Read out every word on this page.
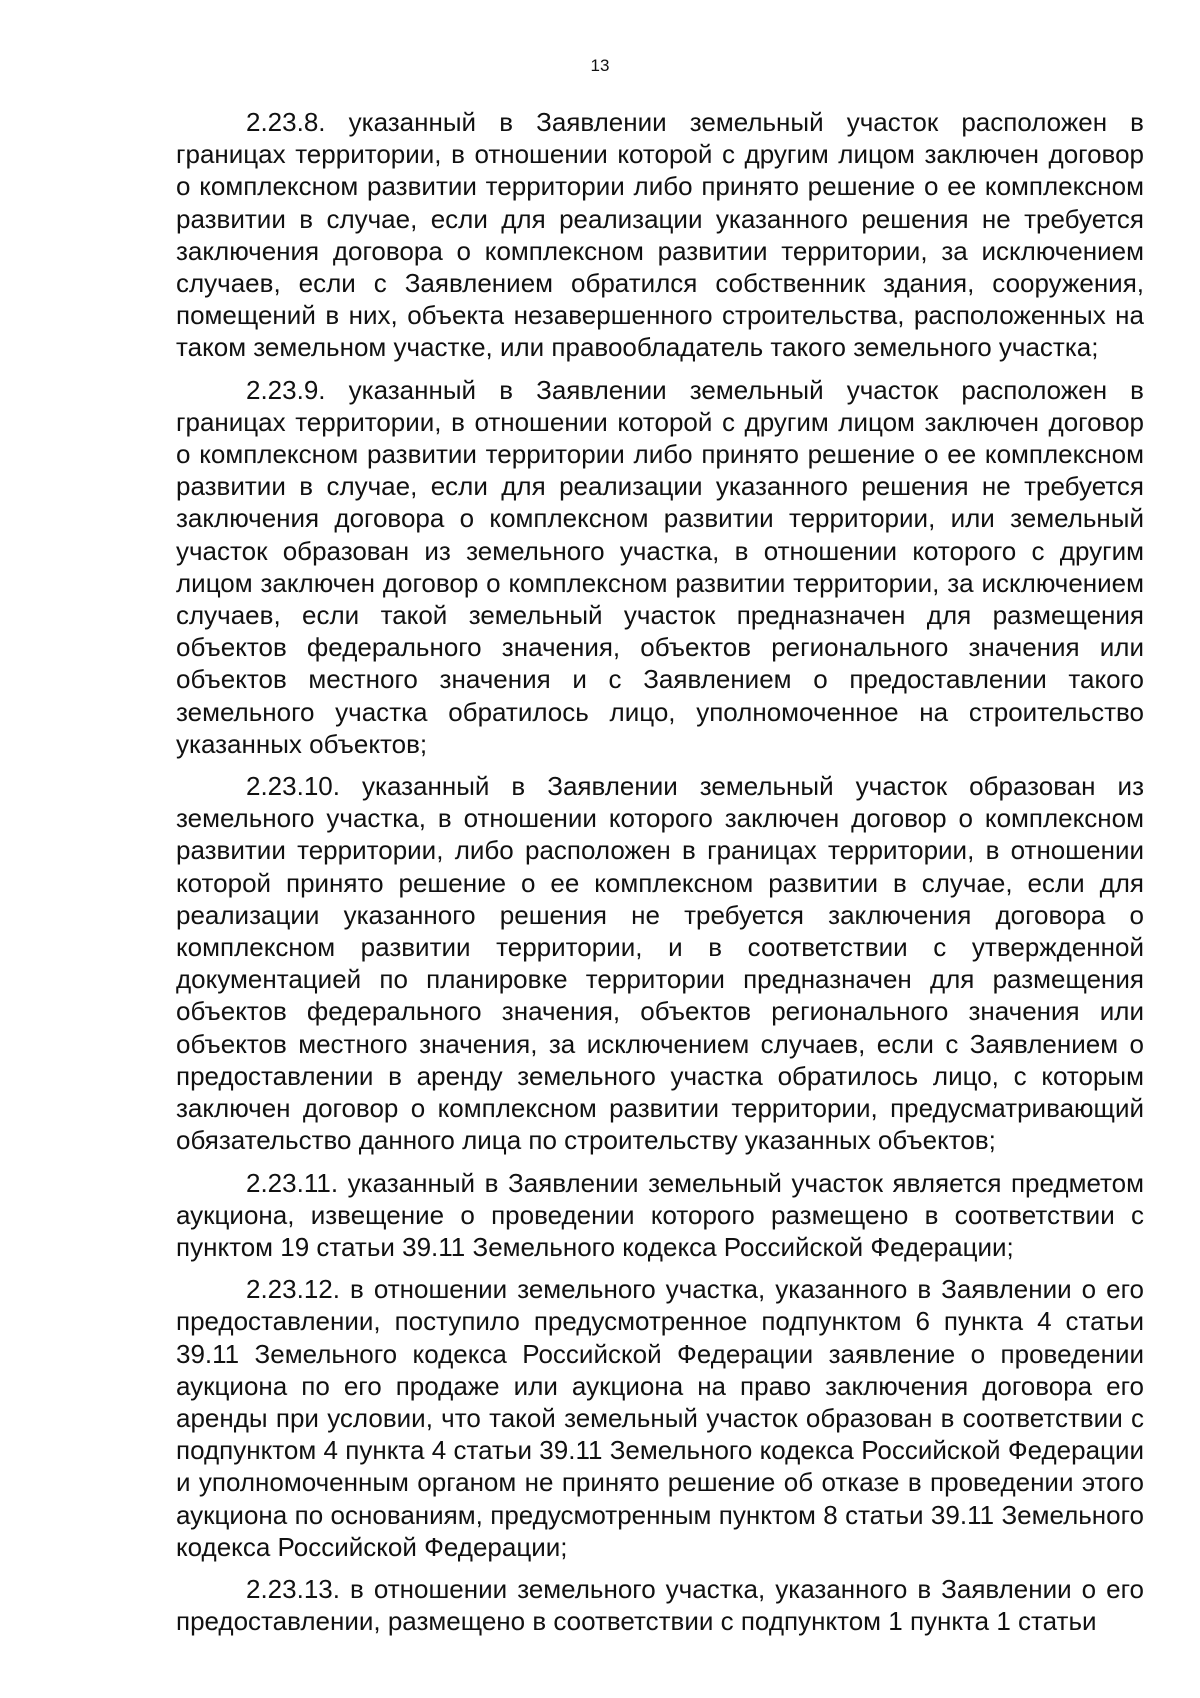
13

2.23.8. указанный в Заявлении земельный участок расположен в границах территории, в отношении которой с другим лицом заключен договор о комплексном развитии территории либо принято решение о ее комплексном развитии в случае, если для реализации указанного решения не требуется заключения договора о комплексном развитии территории, за исключением случаев, если с Заявлением обратился собственник здания, сооружения, помещений в них, объекта незавершенного строительства, расположенных на таком земельном участке, или правообладатель такого земельного участка;

2.23.9. указанный в Заявлении земельный участок расположен в границах территории, в отношении которой с другим лицом заключен договор о комплексном развитии территории либо принято решение о ее комплексном развитии в случае, если для реализации указанного решения не требуется заключения договора о комплексном развитии территории, или земельный участок образован из земельного участка, в отношении которого с другим лицом заключен договор о комплексном развитии территории, за исключением случаев, если такой земельный участок предназначен для размещения объектов федерального значения, объектов регионального значения или объектов местного значения и с Заявлением о предоставлении такого земельного участка обратилось лицо, уполномоченное на строительство указанных объектов;

2.23.10. указанный в Заявлении земельный участок образован из земельного участка, в отношении которого заключен договор о комплексном развитии территории, либо расположен в границах территории, в отношении которой принято решение о ее комплексном развитии в случае, если для реализации указанного решения не требуется заключения договора о комплексном развитии территории, и в соответствии с утвержденной документацией по планировке территории предназначен для размещения объектов федерального значения, объектов регионального значения или объектов местного значения, за исключением случаев, если с Заявлением о предоставлении в аренду земельного участка обратилось лицо, с которым заключен договор о комплексном развитии территории, предусматривающий обязательство данного лица по строительству указанных объектов;

2.23.11. указанный в Заявлении земельный участок является предметом аукциона, извещение о проведении которого размещено в соответствии с пунктом 19 статьи 39.11 Земельного кодекса Российской Федерации;

2.23.12. в отношении земельного участка, указанного в Заявлении о его предоставлении, поступило предусмотренное подпунктом 6 пункта 4 статьи 39.11 Земельного кодекса Российской Федерации заявление о проведении аукциона по его продаже или аукциона на право заключения договора его аренды при условии, что такой земельный участок образован в соответствии с подпунктом 4 пункта 4 статьи 39.11 Земельного кодекса Российской Федерации и уполномоченным органом не принято решение об отказе в проведении этого аукциона по основаниям, предусмотренным пунктом 8 статьи 39.11 Земельного кодекса Российской Федерации;

2.23.13. в отношении земельного участка, указанного в Заявлении о его предоставлении, размещено в соответствии с подпунктом 1 пункта 1 статьи
